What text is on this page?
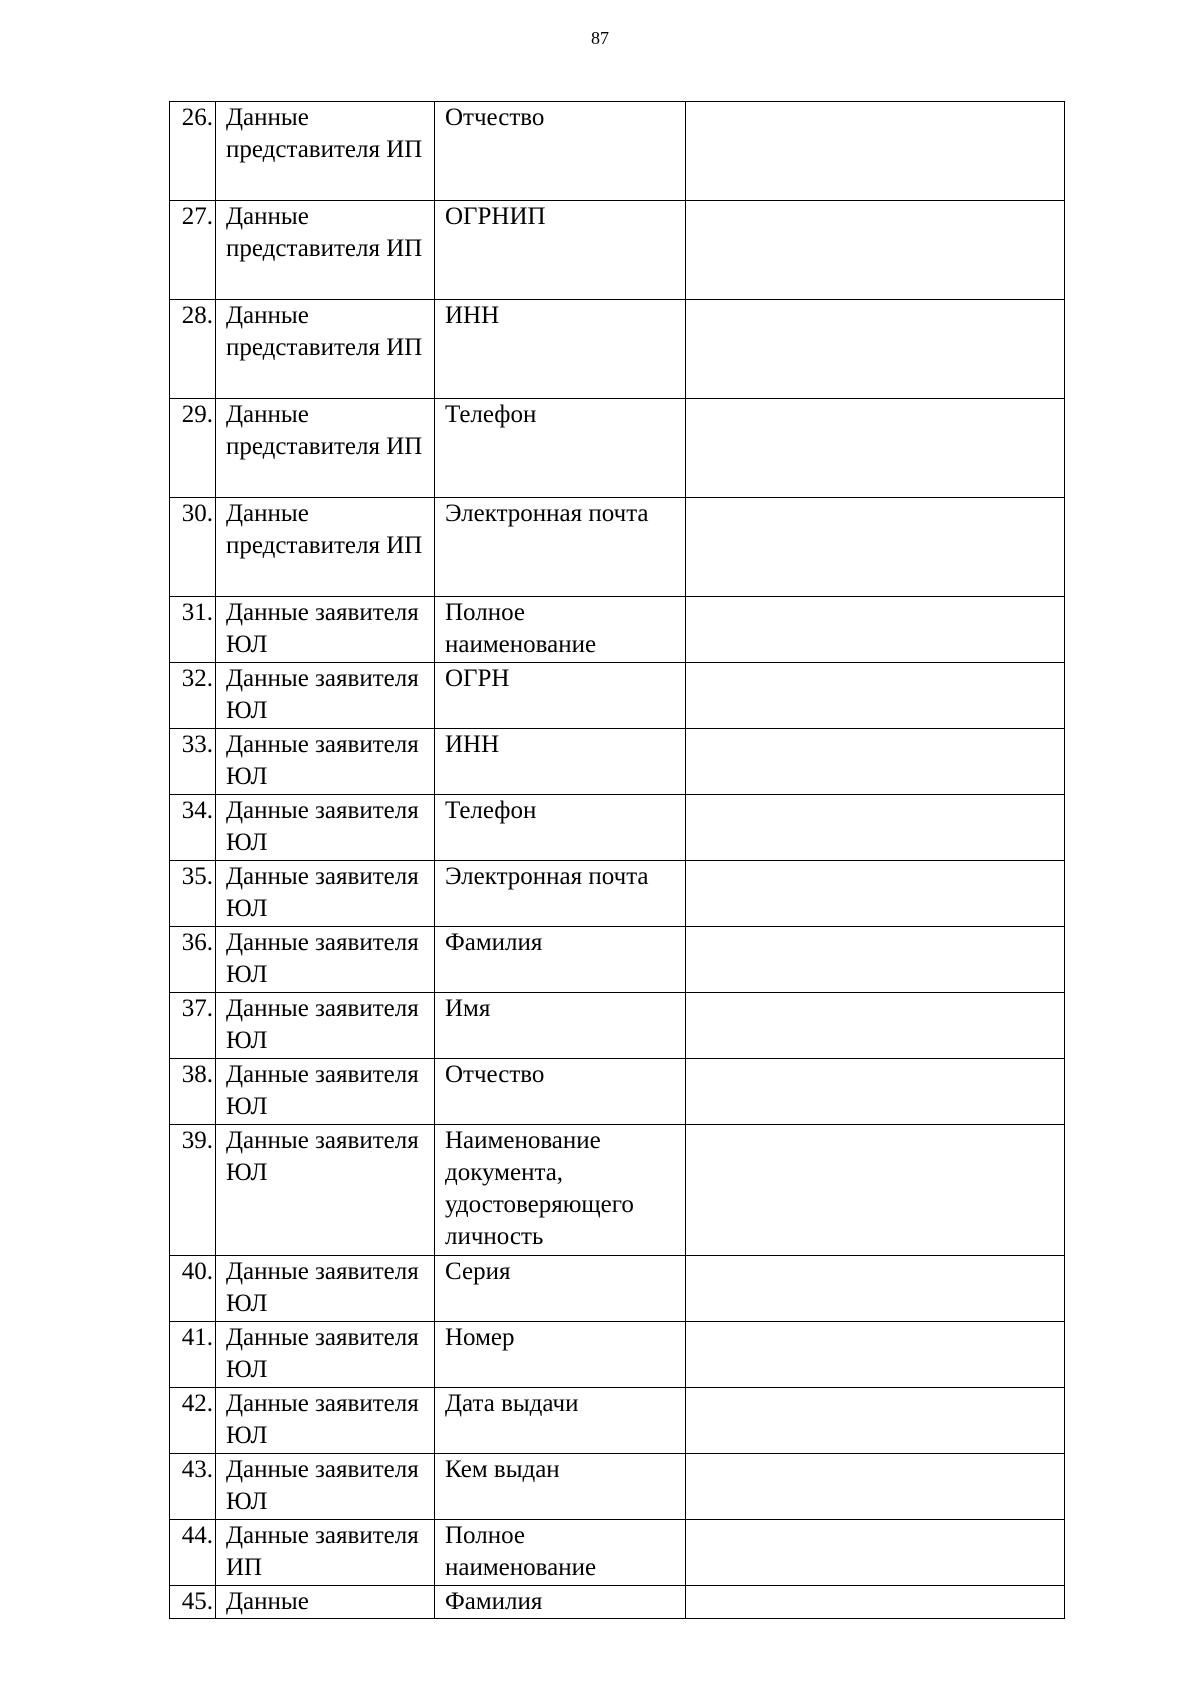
87
26.	Данные представителя ИП	Отчество	
27.	Данные представителя ИП	ОГРНИП	
28.	Данные представителя ИП	ИНН	
29.	Данные представителя ИП	Телефон	
30.	Данные представителя ИП	Электронная почта	
31.	Данные заявителя ЮЛ	Полное наименование	
32.	Данные заявителя ЮЛ	ОГРН	
33.	Данные заявителя ЮЛ	ИНН	
34.	Данные заявителя ЮЛ	Телефон	
35.	Данные заявителя ЮЛ	Электронная почта	
36.	Данные заявителя ЮЛ	Фамилия	
37.	Данные заявителя ЮЛ	Имя	
38.	Данные заявителя ЮЛ	Отчество	
39.	Данные заявителя ЮЛ	Наименование документа, удостоверяющего личность	
40.	Данные заявителя ЮЛ	Серия	
41.	Данные заявителя ЮЛ	Номер	
42.	Данные заявителя ЮЛ	Дата выдачи	
43.	Данные заявителя ЮЛ	Кем выдан	
44.	Данные заявителя ИП	Полное наименование	
45.	Данные	Фамилия	
